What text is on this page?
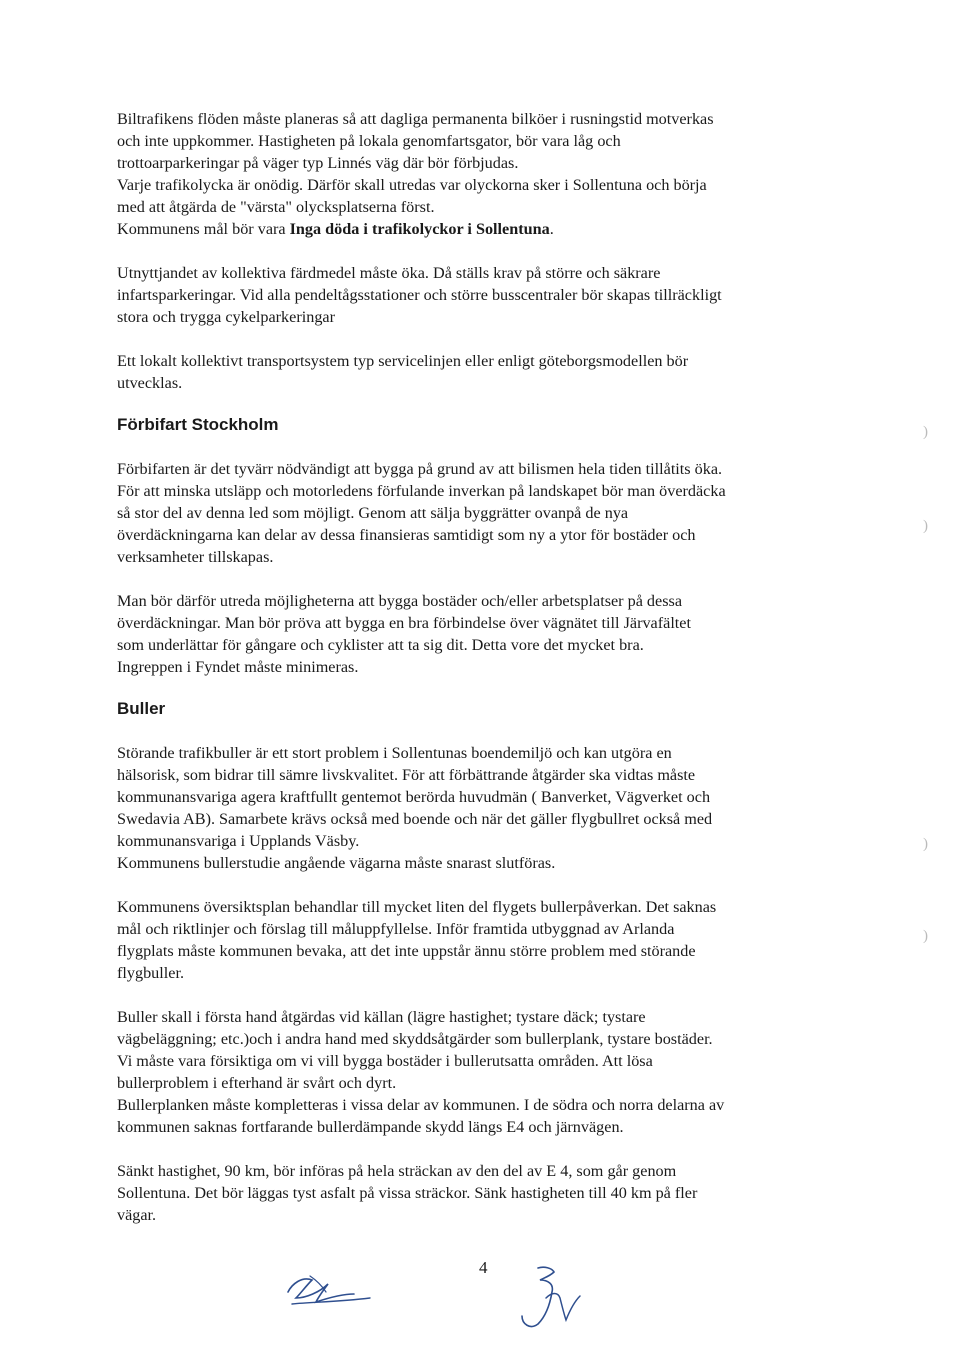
Biltrafikens flöden måste planeras så att dagliga permanenta bilköer i rusningstid motverkas
och inte uppkommer. Hastigheten på lokala genomfartsgator, bör vara låg och
trottoarparkeringar på väger typ Linnés väg där bör förbjudas.
Varje trafikolycka är onödig. Därför skall utredas var olyckorna sker i Sollentuna och börja
med att åtgärda de "värsta" olycksplatserna först.
Kommunens mål bör vara Inga döda i trafikolyckor i Sollentuna.

Utnyttjandet av kollektiva färdmedel måste öka. Då ställs krav på större och säkrare
infartsparkeringar. Vid alla pendeltågsstationer och större busscentraler bör skapas tillräckligt
stora och trygga cykelparkeringar

Ett lokalt kollektivt transportsystem typ servicelinjen eller enligt göteborgsmodellen bör
utvecklas.

Förbifart Stockholm

Förbifarten är det tyvärr nödvändigt att bygga på grund av att bilismen hela tiden tillåtits öka.
För att minska utsläpp och motorledens förfulande inverkan på landskapet bör man överdäcka
så stor del av denna led som möjligt. Genom att sälja byggrätter ovanpå de nya
överdäckningarna kan delar av dessa finansieras samtidigt som ny a ytor för bostäder och
verksamheter tillskapas.

Man bör därför utreda möjligheterna att bygga bostäder och/eller arbetsplatser på dessa
överdäckningar. Man bör pröva att bygga en bra förbindelse över vägnätet till Järvafältet
som underlättar för gångare och cyklister att ta sig dit. Detta vore det mycket bra.
Ingreppen i Fyndet måste minimeras.

Buller

Störande trafikbuller är ett stort problem i Sollentunas boendemiljö och kan utgöra en
hälsorisk, som bidrar till sämre livskvalitet. För att förbättrande åtgärder ska vidtas måste
kommunansvariga agera kraftfullt gentemot berörda huvudmän ( Banverket, Vägverket och
Swedavia AB). Samarbete krävs också med boende och när det gäller flygbullret också med
kommunansvariga i Upplands Väsby.
Kommunens bullerstudie angående vägarna måste snarast slutföras.

Kommunens översiktsplan behandlar till mycket liten del flygets bullerpåverkan. Det saknas
mål och riktlinjer och förslag till måluppfyllelse. Inför framtida utbyggnad av Arlanda
flygplats måste kommunen bevaka, att det inte uppstår ännu större problem med störande
flygbuller.

Buller skall i första hand åtgärdas vid källan (lägre hastighet; tystare däck; tystare
vägbeläggning; etc.)och i andra hand med skyddsåtgärder som bullerplank, tystare bostäder.
Vi måste vara försiktiga om vi vill bygga bostäder i bullerutsatta områden. Att lösa
bullerproblem i efterhand är svårt och dyrt.
Bullerplanken måste kompletteras i vissa delar av kommunen. I de södra och norra delarna av
kommunen saknas fortfarande bullerdämpande skydd längs E4 och järnvägen.

Sänkt hastighet, 90 km, bör införas på hela sträckan av den del av E 4, som går genom
Sollentuna. Det bör läggas tyst asfalt på vissa sträckor. Sänk hastigheten till 40 km på fler
vägar.

4
)
)
)
)
